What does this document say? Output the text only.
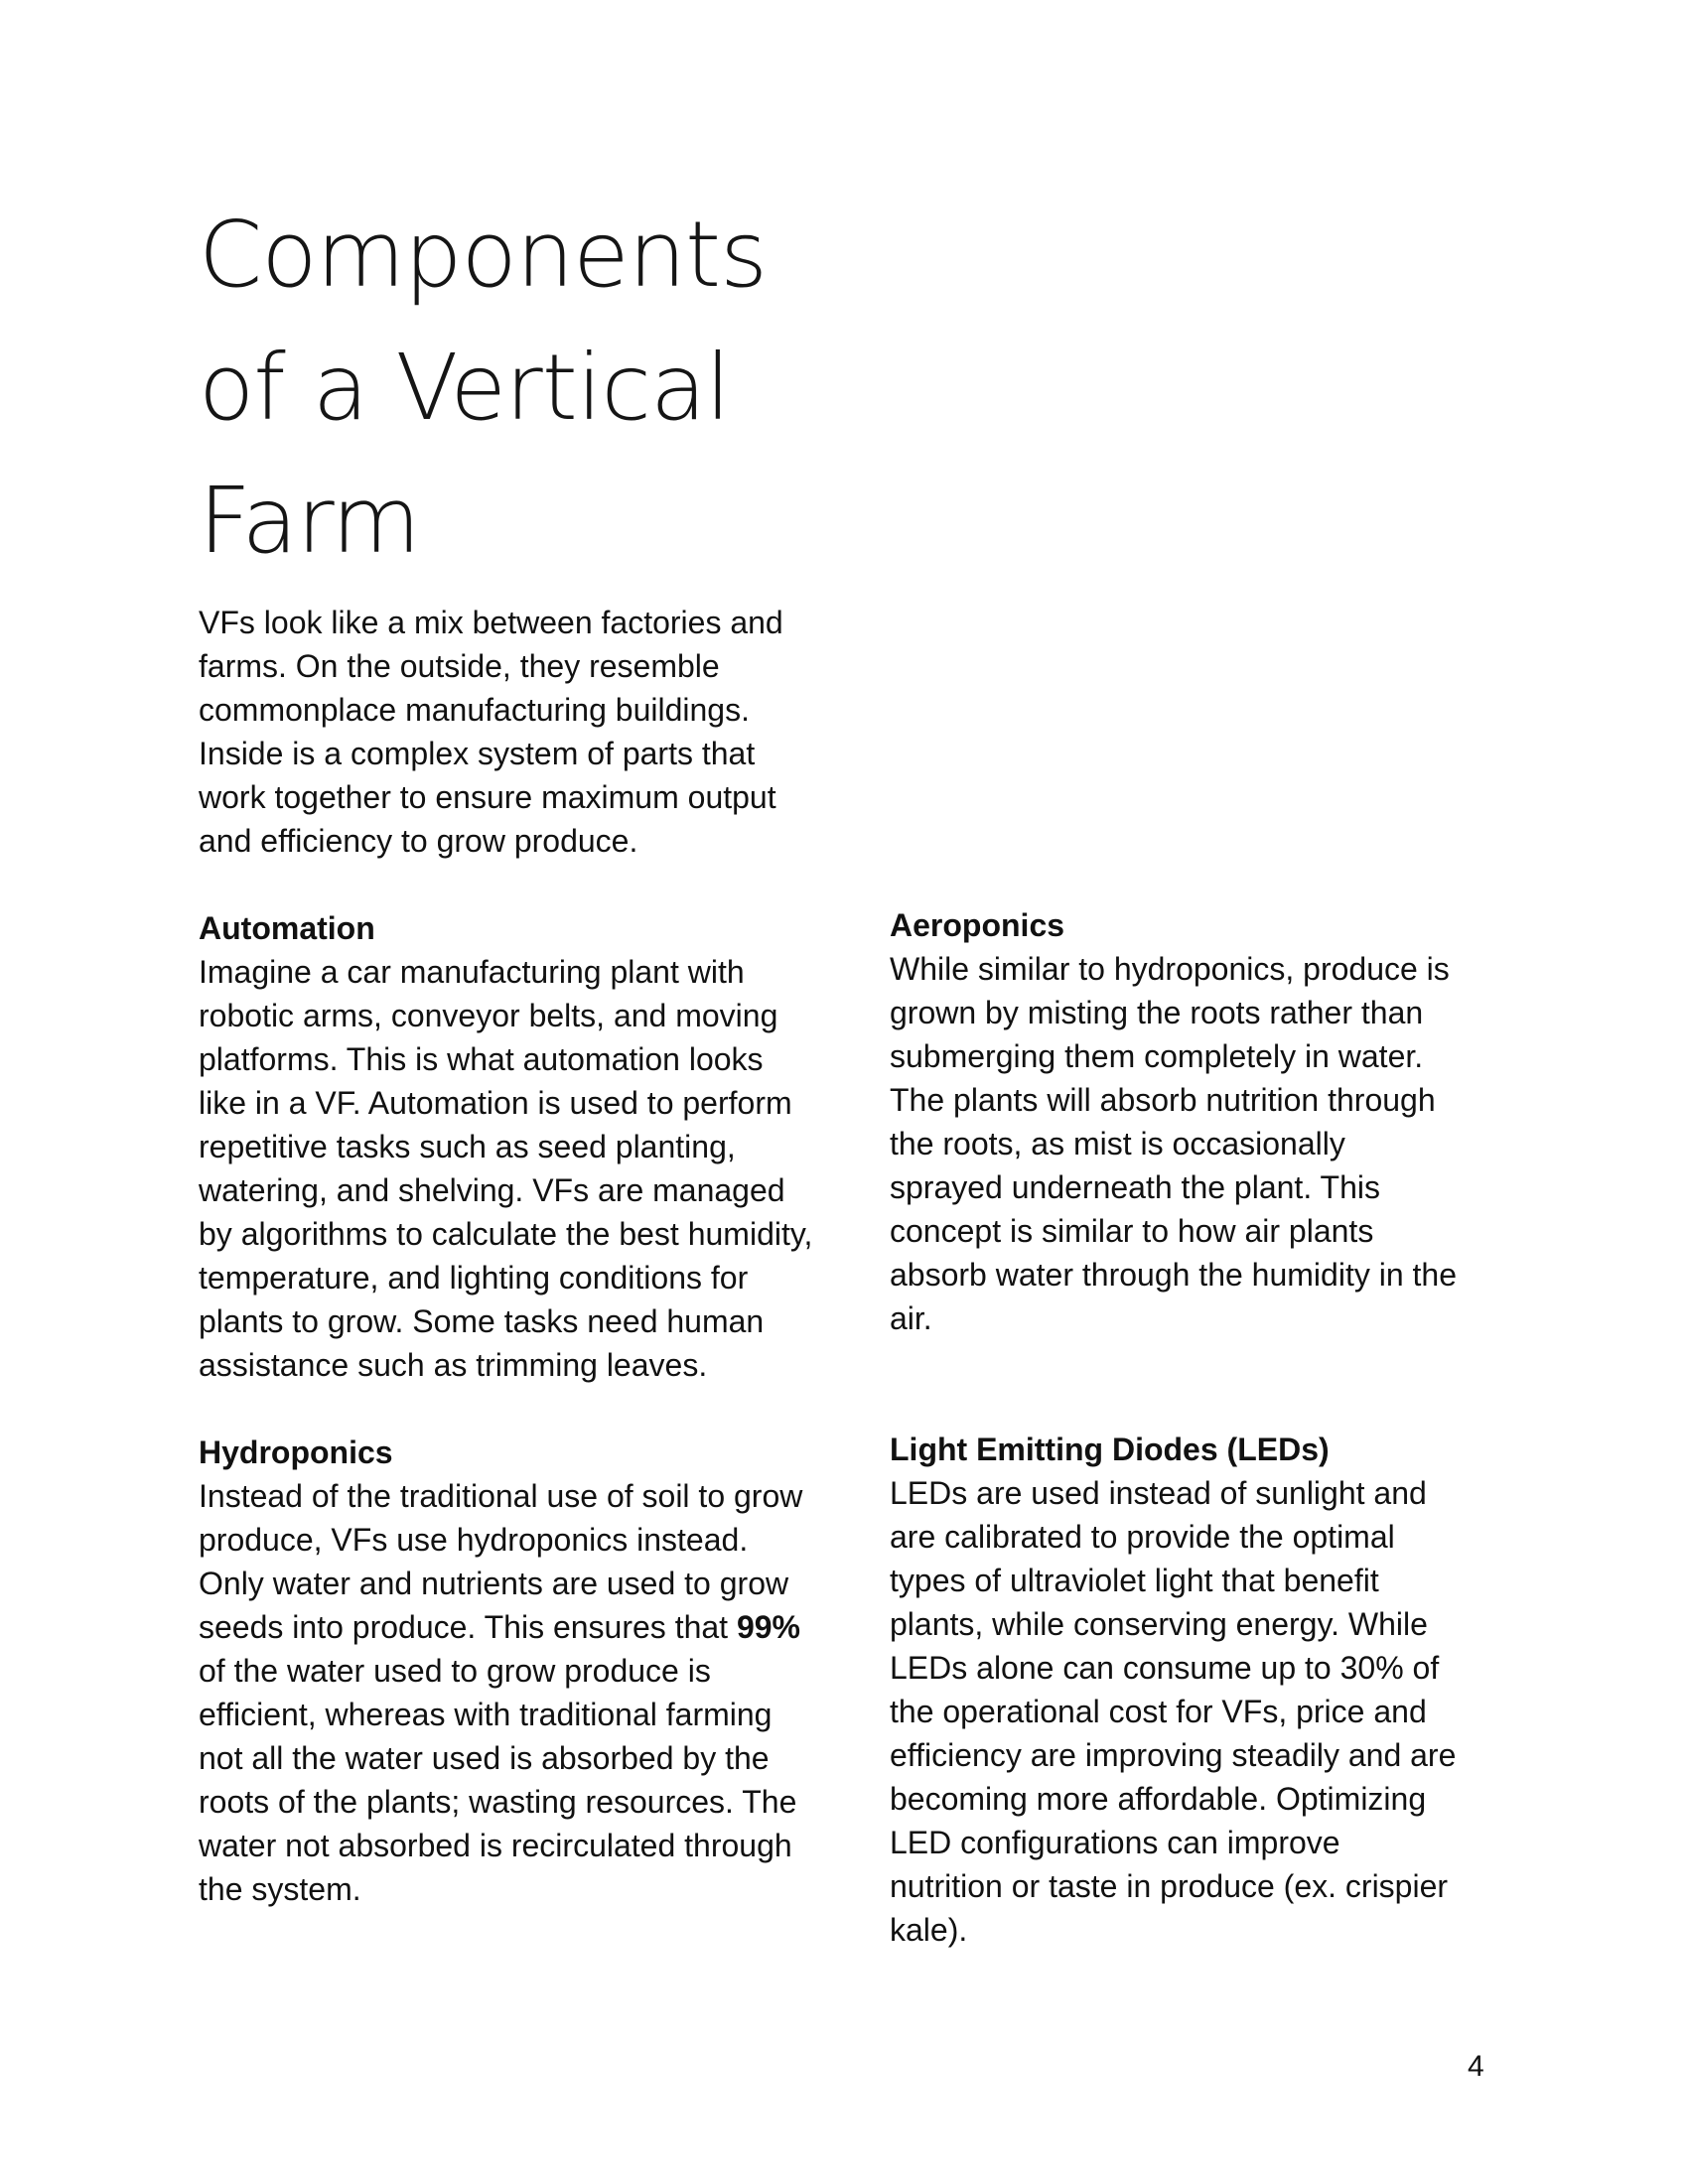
Components
of a Vertical
Farm

VFs look like a mix between factories and
farms. On the outside, they resemble
commonplace manufacturing buildings.
Inside is a complex system of parts that
work together to ensure maximum output
and efficiency to grow produce.

Automation

Imagine a car manufacturing plant with
robotic arms, conveyor belts, and moving
platforms. This is what automation looks
like in a VF. Automation is used to perform
repetitive tasks such as seed planting,
watering, and shelving. VFs are managed
by algorithms to calculate the best humidity,
temperature, and lighting conditions for
plants to grow. Some tasks need human
assistance such as trimming leaves.

Aeroponics

While similar to hydroponics, produce is
grown by misting the roots rather than
submerging them completely in water.
The plants will absorb nutrition through
the roots, as mist is occasionally
sprayed underneath the plant. This
concept is similar to how air plants
absorb water through the humidity in the
air.

Hydroponics

Instead of the traditional use of soil to grow
produce, VFs use hydroponics instead.
Only water and nutrients are used to grow
seeds into produce. This ensures that 99%
of the water used to grow produce is
efficient, whereas with traditional farming
not all the water used is absorbed by the
roots of the plants; wasting resources. The
water not absorbed is recirculated through
the system.

Light Emitting Diodes (LEDs)

LEDs are used instead of sunlight and
are calibrated to provide the optimal
types of ultraviolet light that benefit
plants, while conserving energy. While
LEDs alone can consume up to 30% of
the operational cost for VFs, price and
efficiency are improving steadily and are
becoming more affordable. Optimizing
LED configurations can improve
nutrition or taste in produce (ex. crispier
kale).

4
